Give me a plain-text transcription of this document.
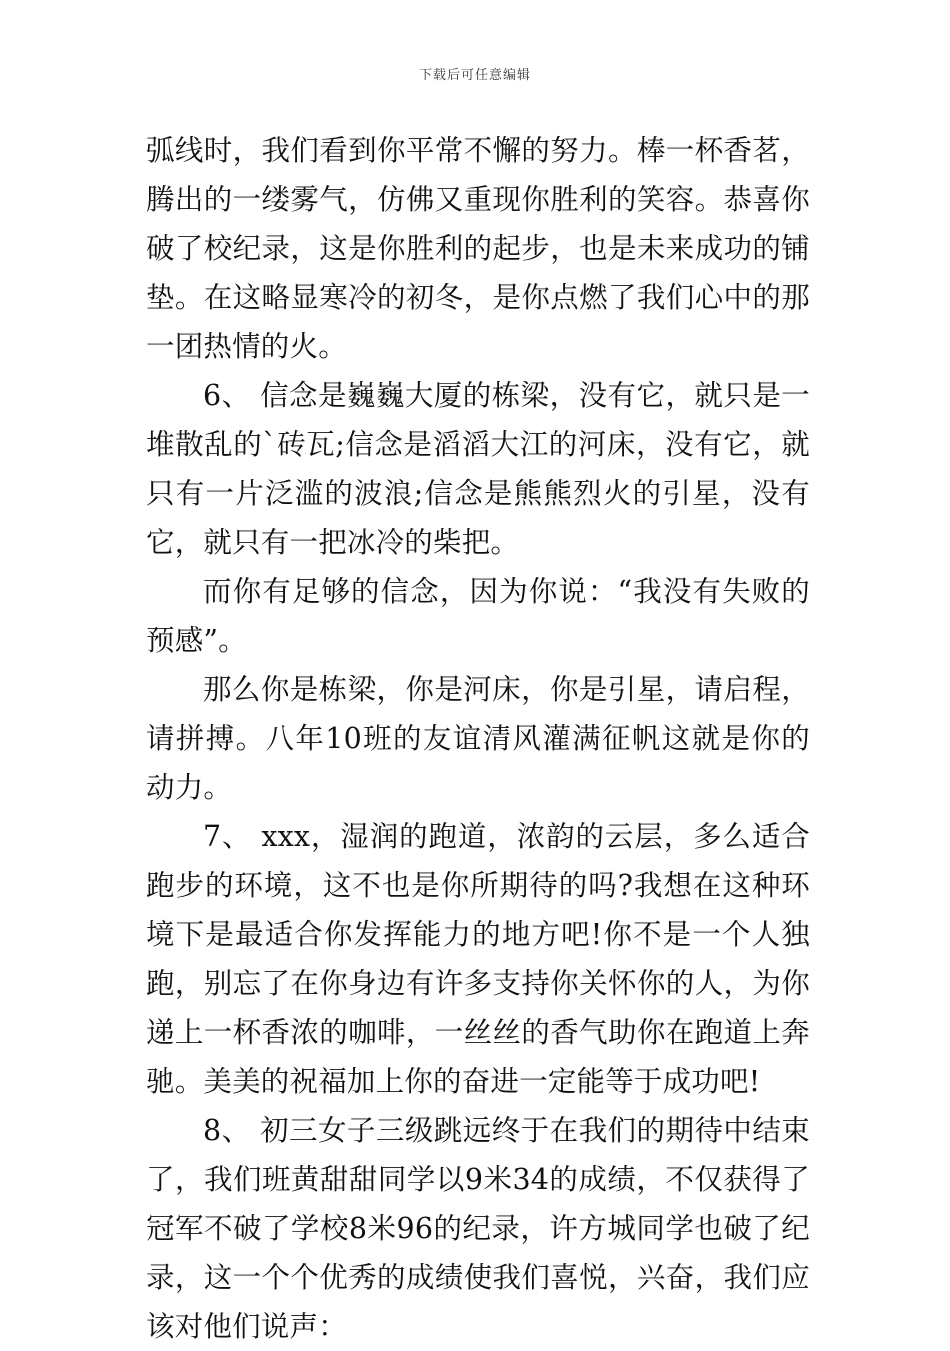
下载后可任意编辑

弧线时，我们看到你平常不懈的努力。棒一杯香茗，腾出的一缕雾气，仿佛又重现你胜利的笑容。恭喜你破了校纪录，这是你胜利的起步，也是未来成功的铺垫。在这略显寒冷的初冬，是你点燃了我们心中的那一团热情的火。

6、 信念是巍巍大厦的栋梁，没有它，就只是一堆散乱的`砖瓦;信念是滔滔大江的河床，没有它，就只有一片泛滥的波浪;信念是熊熊烈火的引星，没有它，就只有一把冰冷的柴把。

而你有足够的信念，因为你说：“我没有失败的预感”。

那么你是栋梁，你是河床，你是引星，请启程，请拼搏。八年10班的友谊清风灌满征帆这就是你的动力。

7、 xxx，湿润的跑道，浓韵的云层，多么适合跑步的环境，这不也是你所期待的吗?我想在这种环境下是最适合你发挥能力的地方吧!你不是一个人独跑，别忘了在你身边有许多支持你关怀你的人，为你递上一杯香浓的咖啡，一丝丝的香气助你在跑道上奔驰。美美的祝福加上你的奋进一定能等于成功吧!

8、 初三女子三级跳远终于在我们的期待中结束了，我们班黄甜甜同学以9米34的成绩，不仅获得了冠军不破了学校8米96的纪录，许方城同学也破了纪录，这一个个优秀的成绩使我们喜悦，兴奋，我们应该对他们说声：
